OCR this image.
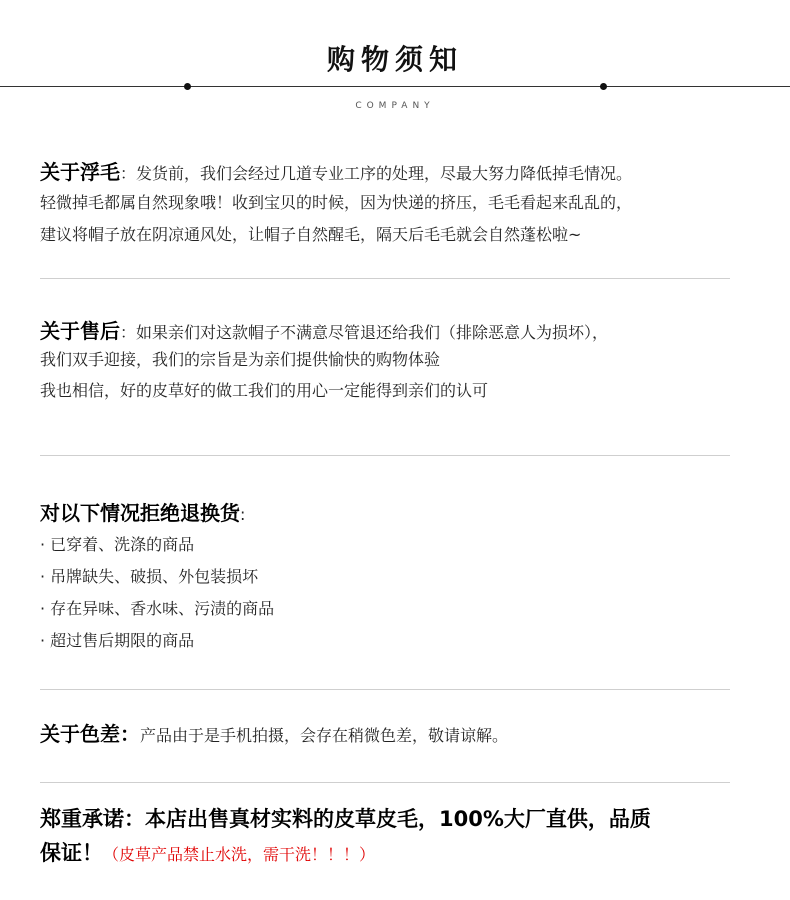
购物须知
COMPANY
关于浮毛：发货前，我们会经过几道专业工序的处理，尽最大努力降低掉毛情况。
轻微掉毛都属自然现象哦！收到宝贝的时候，因为快递的挤压，毛毛看起来乱乱的，
建议将帽子放在阴凉通风处，让帽子自然醒毛，隔天后毛毛就会自然蓬松啦~
关于售后：如果亲们对这款帽子不满意尽管退还给我们（排除恶意人为损坏），
我们双手迎接，我们的宗旨是为亲们提供愉快的购物体验
我也相信，好的皮草好的做工我们的用心一定能得到亲们的认可
对以下情况拒绝退换货:
· 已穿着、洗涤的商品
· 吊牌缺失、破损、外包装损坏
· 存在异味、香水味、污渍的商品
· 超过售后期限的商品
关于色差：产品由于是手机拍摄，会存在稍微色差，敬请谅解。
郑重承诺：本店出售真材实料的皮草皮毛，100%大厂直供，品质
保证！（皮草产品禁止水洗，需干洗！！！）
